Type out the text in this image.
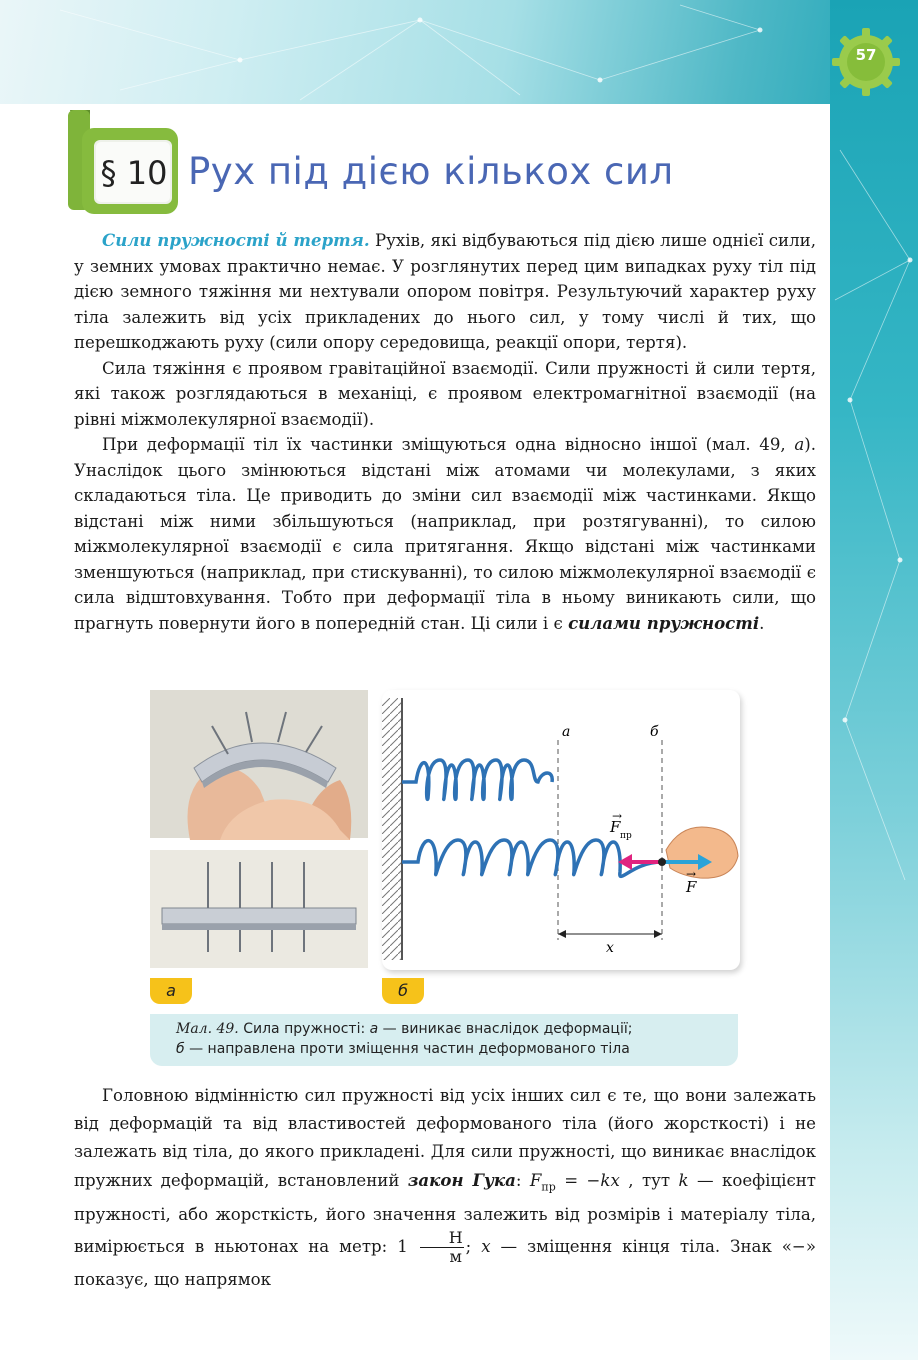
57
§ 10 Рух під дією кількох сил

Сили пружності й тертя. Рухів, які відбуваються під дією лише однієї сили, у земних умовах практично немає. У розглянутих перед цим випадках руху тіл під дією земного тяжіння ми нехтували опором повітря. Результуючий характер руху тіла залежить від усіх прикладених до нього сил, у тому числі й тих, що перешкоджають руху (сили опору середовища, реакції опори, тертя).

Сила тяжіння є проявом гравітаційної взаємодії. Сили пружності й сили тертя, які також розглядаються в механіці, є проявом електромагнітної взаємодії (на рівні міжмолекулярної взаємодії).

При деформації тіл їх частинки зміщуються одна відносно іншої (мал. 49, а). Унаслідок цього змінюються відстані між атомами чи молекулами, з яких складаються тіла. Це приводить до зміни сил взаємодії між частинками. Якщо відстані між ними збільшуються (наприклад, при розтягуванні), то силою міжмолекулярної взаємодії є сила притягання. Якщо відстані між частинками зменшуються (наприклад, при стискуванні), то силою міжмолекулярної взаємодії є сила відштовхування. Тобто при деформації тіла в ньому виникають сили, що прагнуть повернути його в попередній стан. Ці сили і є силами пружності.

а
а	б
F пр
→
F
→
x
б
Мал. 49. Сила пружності: а — виникає внаслідок деформації;
б — направлена проти зміщення частин деформованого тіла

Головною відмінністю сил пружності від усіх інших сил є те, що вони залежать від деформацій та від властивостей деформованого тіла (його жорсткості) і не залежать від тіла, до якого прикладені. Для сили пружності, що виникає внаслідок пружних деформацій, встановлений закон Гука: $F_{пр} = -kx$ , тут k — коефіцієнт пружності, або жорсткість, його значення залежить від розмірів і матеріалу тіла, вимірюється в ньютонах на метр: $1 \frac{Н}{м}$ ; x — зміщення кінця тіла. Знак «−» показує, що напрямок
